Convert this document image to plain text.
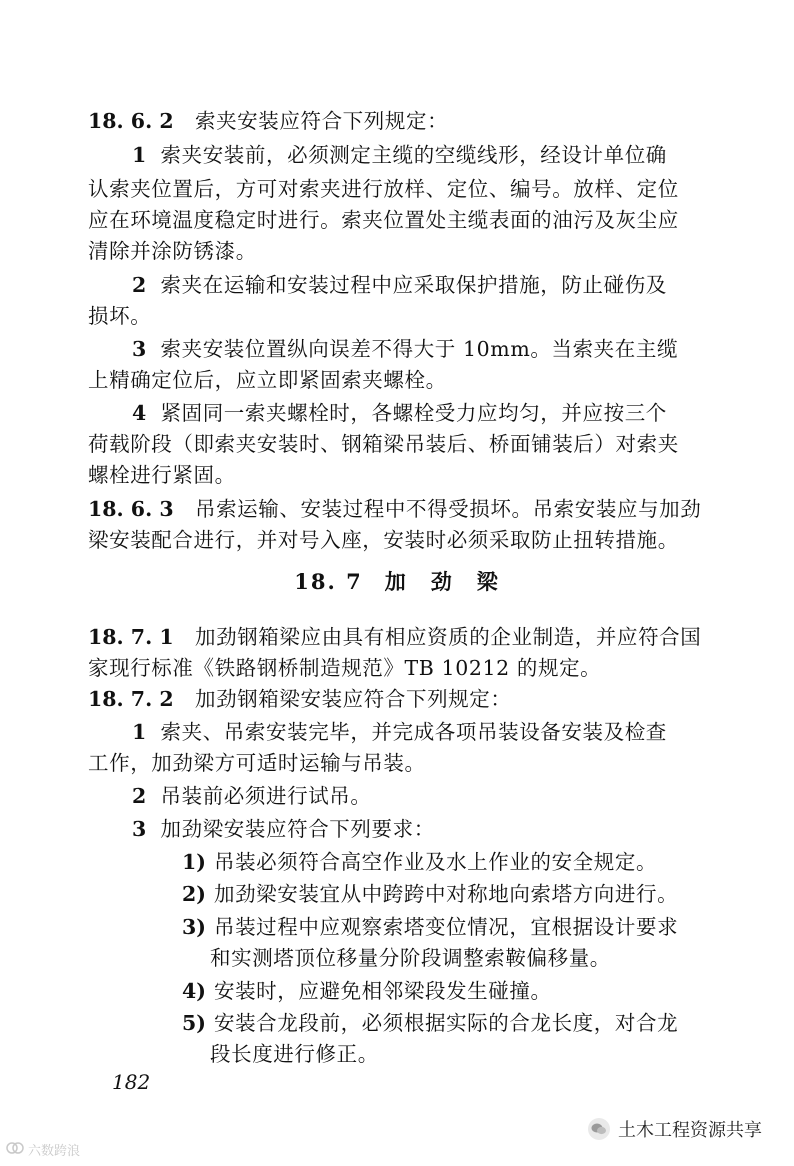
18. 6. 2 索夹安装应符合下列规定：

1 索夹安装前，必须测定主缆的空缆线形，经设计单位确

认索夹位置后，方可对索夹进行放样、定位、编号。放样、定位

应在环境温度稳定时进行。索夹位置处主缆表面的油污及灰尘应

清除并涂防锈漆。

2 索夹在运输和安装过程中应采取保护措施，防止碰伤及

损坏。

3 索夹安装位置纵向误差不得大于 10mm。当索夹在主缆

上精确定位后，应立即紧固索夹螺栓。

4 紧固同一索夹螺栓时，各螺栓受力应均匀，并应按三个

荷载阶段（即索夹安装时、钢箱梁吊装后、桥面铺装后）对索夹

螺栓进行紧固。

18. 6. 3 吊索运输、安装过程中不得受损坏。吊索安装应与加劲

梁安装配合进行，并对号入座，安装时必须采取防止扭转措施。

18. 7 加　劲　梁

18. 7. 1 加劲钢箱梁应由具有相应资质的企业制造，并应符合国

家现行标准《铁路钢桥制造规范》TB 10212 的规定。

18. 7. 2 加劲钢箱梁安装应符合下列规定：

1 索夹、吊索安装完毕，并完成各项吊装设备安装及检查

工作，加劲梁方可适时运输与吊装。

2 吊装前必须进行试吊。

3 加劲梁安装应符合下列要求：

1) 吊装必须符合高空作业及水上作业的安全规定。

2) 加劲梁安装宜从中跨跨中对称地向索塔方向进行。

3) 吊装过程中应观察索塔变位情况，宜根据设计要求

和实测塔顶位移量分阶段调整索鞍偏移量。

4) 安装时，应避免相邻梁段发生碰撞。

5) 安装合龙段前，必须根据实际的合龙长度，对合龙

段长度进行修正。

182
六数跨浪
土木工程资源共享
